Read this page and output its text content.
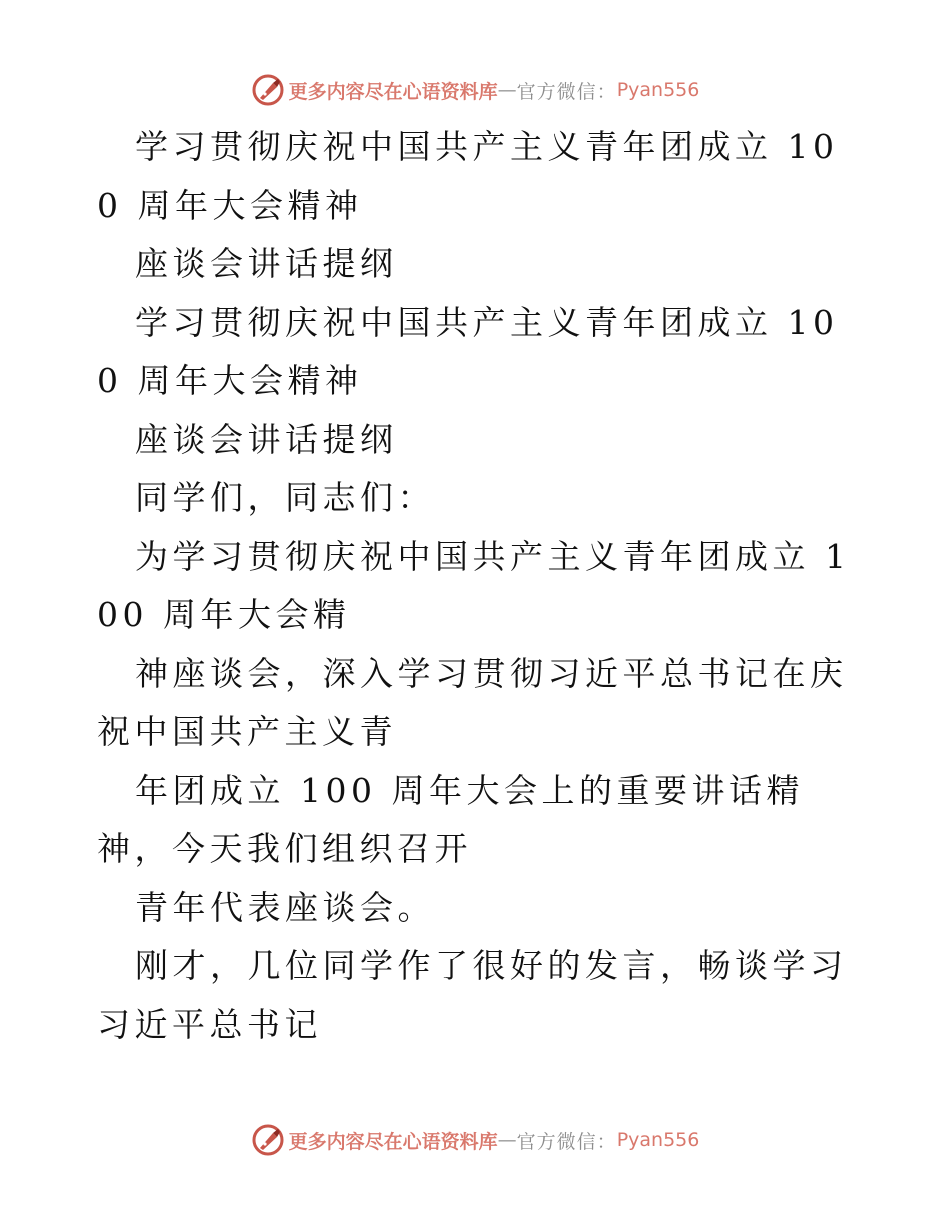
更多内容尽在心语资料库 — 官方微信： Pyan556

学习贯彻庆祝中国共产主义青年团成立 100 周年大会精神

座谈会讲话提纲

学习贯彻庆祝中国共产主义青年团成立 100 周年大会精神

座谈会讲话提纲

同学们，同志们：

为学习贯彻庆祝中国共产主义青年团成立 100 周年大会精

神座谈会，深入学习贯彻习近平总书记在庆祝中国共产主义青

年团成立 100 周年大会上的重要讲话精神，今天我们组织召开

青年代表座谈会。

刚才，几位同学作了很好的发言，畅谈学习习近平总书记

更多内容尽在心语资料库 — 官方微信： Pyan556
